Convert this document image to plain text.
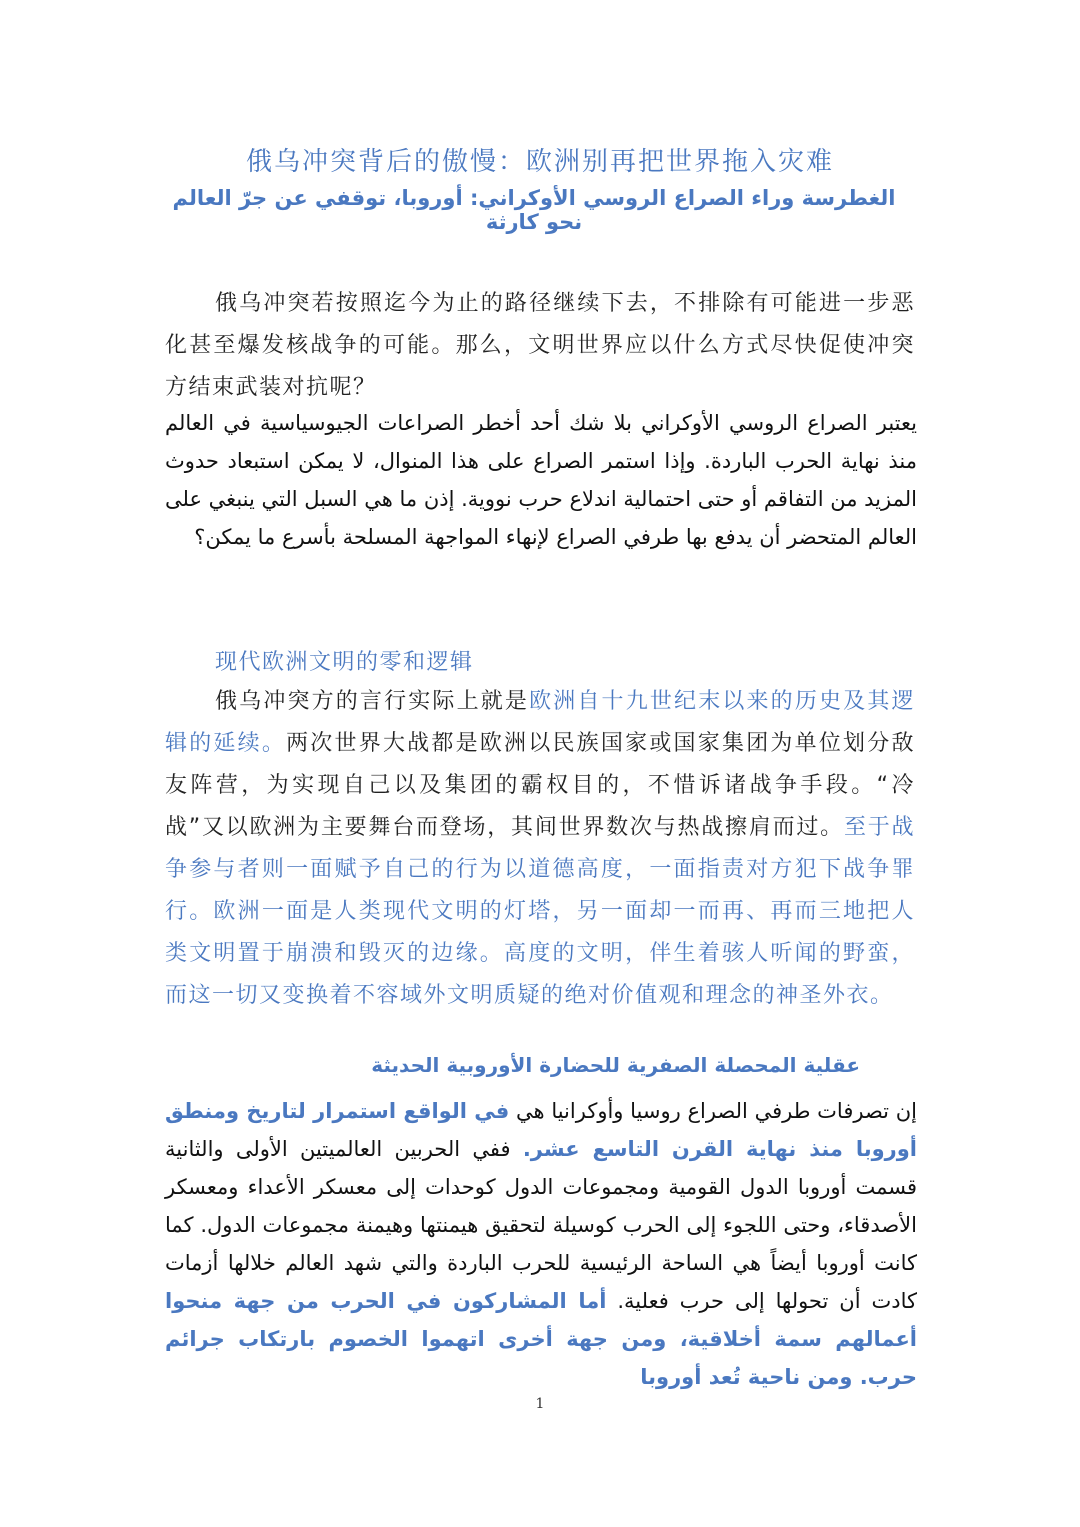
俄乌冲突背后的傲慢：欧洲别再把世界拖入灾难
الغطرسة وراء الصراع الروسي الأوكراني: أوروبا، توقفي عن جرّ العالم نحو كارثة
俄乌冲突若按照迄今为止的路径继续下去，不排除有可能进一步恶化甚至爆发核战争的可能。那么，文明世界应以什么方式尽快促使冲突方结束武装对抗呢？
يعتبر الصراع الروسي الأوكراني بلا شك أحد أخطر الصراعات الجيوسياسية في العالم منذ نهاية الحرب الباردة. وإذا استمر الصراع على هذا المنوال، لا يمكن استبعاد حدوث المزيد من التفاقم أو حتى احتمالية اندلاع حرب نووية. إذن ما هي السبل التي ينبغي على العالم المتحضر أن يدفع بها طرفي الصراع لإنهاء المواجهة المسلحة بأسرع ما يمكن؟
现代欧洲文明的零和逻辑
俄乌冲突方的言行实际上就是欧洲自十九世纪末以来的历史及其逻辑的延续。两次世界大战都是欧洲以民族国家或国家集团为单位划分敌友阵营，为实现自己以及集团的霸权目的，不惜诉诸战争手段。“冷战”又以欧洲为主要舞台而登场，其间世界数次与热战擦肩而过。至于战争参与者则一面赋予自己的行为以道德高度，一面指责对方犯下战争罪行。欧洲一面是人类现代文明的灯塔，另一面却一而再、再而三地把人类文明置于崩溃和毁灭的边缘。高度的文明，伴生着骇人听闻的野蛮，而这一切又变换着不容域外文明质疑的绝对价值观和理念的神圣外衣。
عقلية المحصلة الصفرية للحضارة الأوروبية الحديثة
إن تصرفات طرفي الصراع روسيا وأوكرانيا هي في الواقع استمرار لتاريخ ومنطق أوروبا منذ نهاية القرن التاسع عشر. ففي الحربين العالميتين الأولى والثانية قسمت أوروبا الدول القومية ومجموعات الدول كوحدات إلى معسكر الأعداء ومعسكر الأصدقاء، وحتى اللجوء إلى الحرب كوسيلة لتحقيق هيمنتها وهيمنة مجموعات الدول. كما كانت أوروبا أيضاً هي الساحة الرئيسية للحرب الباردة والتي شهد العالم خلالها أزمات كادت أن تحولها إلى حرب فعلية. أما المشاركون في الحرب من جهة منحوا أعمالهم سمة أخلاقية، ومن جهة أخرى اتهموا الخصوم بارتكاب جرائم حرب. ومن ناحية تُعد أوروبا
1
